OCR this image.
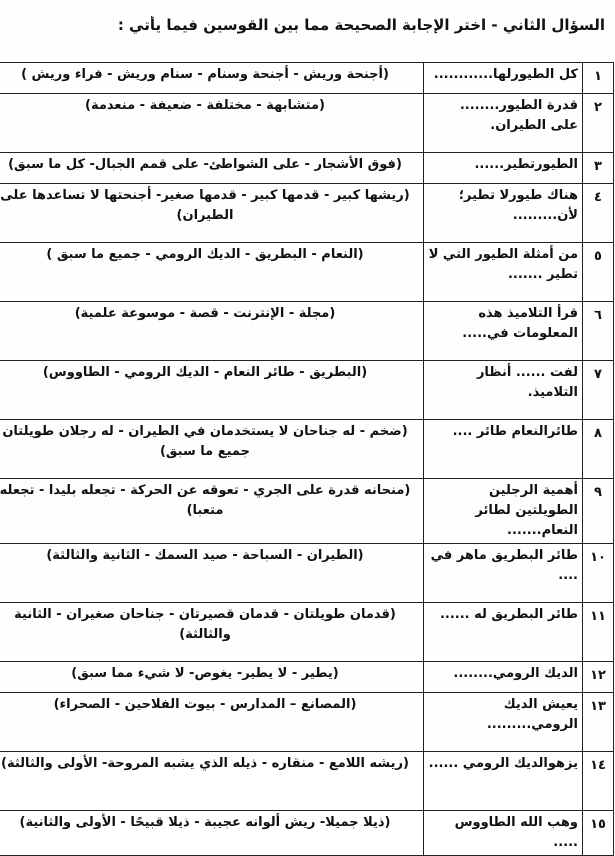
السؤال الثاني - اختر الإجابة الصحيحة مما بين القوسين فيما يأتي :
١	كل الطيورلها............	(أجنحة وريش - أجنحة وسنام - سنام وريش - فراء وريش )
٢	قدرة الطيور........ على الطيران.	(متشابهة - مختلفة - ضعيفة - منعدمة)
٣	الطيورتطير......	(فوق الأشجار - على الشواطئ- على قمم الجبال- كل ما سبق)
٤	هناك طيورلا تطير؛ لأن.........	(ريشها كبير - قدمها كبير - قدمها صغير- أجنحتها لا تساعدها على الطيران)
٥	من أمثلة الطيور التي لا تطير .......	(النعام - البطريق - الديك الرومي - جميع ما سبق )
٦	قرأ التلاميذ هذه المعلومات في.....	(مجلة - الإنترنت - قصة - موسوعة علمية)
٧	لفت ...... أنظار التلاميذ.	(البطريق - طائر النعام - الديك الرومي - الطاووس)
٨	طائرالنعام طائر ....	(ضخم - له جناحان لا يستخدمان في الطيران - له رجلان طويلتان جميع ما سبق)
٩	أهمية الرجلين الطويلتين لطائر النعام.......	(منحانه قدرة على الجري - تعوقه عن الحركة - تجعله بليدا - تجعله متعبا)
١٠	طائر البطريق ماهر في ....	(الطيران - السباحة - صيد السمك - الثانية والثالثة)
١١	طائر البطريق له ......	(قدمان طويلتان - قدمان قصيرتان - جناحان صغيران - الثانية والثالثة)
١٢	الديك الرومي........	(يطير - لا يطير- يغوص- لا شيء مما سبق)
١٣	يعيش الديك الرومي.........	(المصانع – المدارس - بيوت الفلاحين - الصحراء)
١٤	يزهوالديك الرومي ......	(ريشه اللامع - منقاره - ذيله الذي يشبه المروحة- الأولى والثالثة)
١٥	وهب الله الطاووس .....	(ذيلا جميلا- ريش ألوانه عجيبة - ذيلا قبيحًا - الأولى والثانية)
